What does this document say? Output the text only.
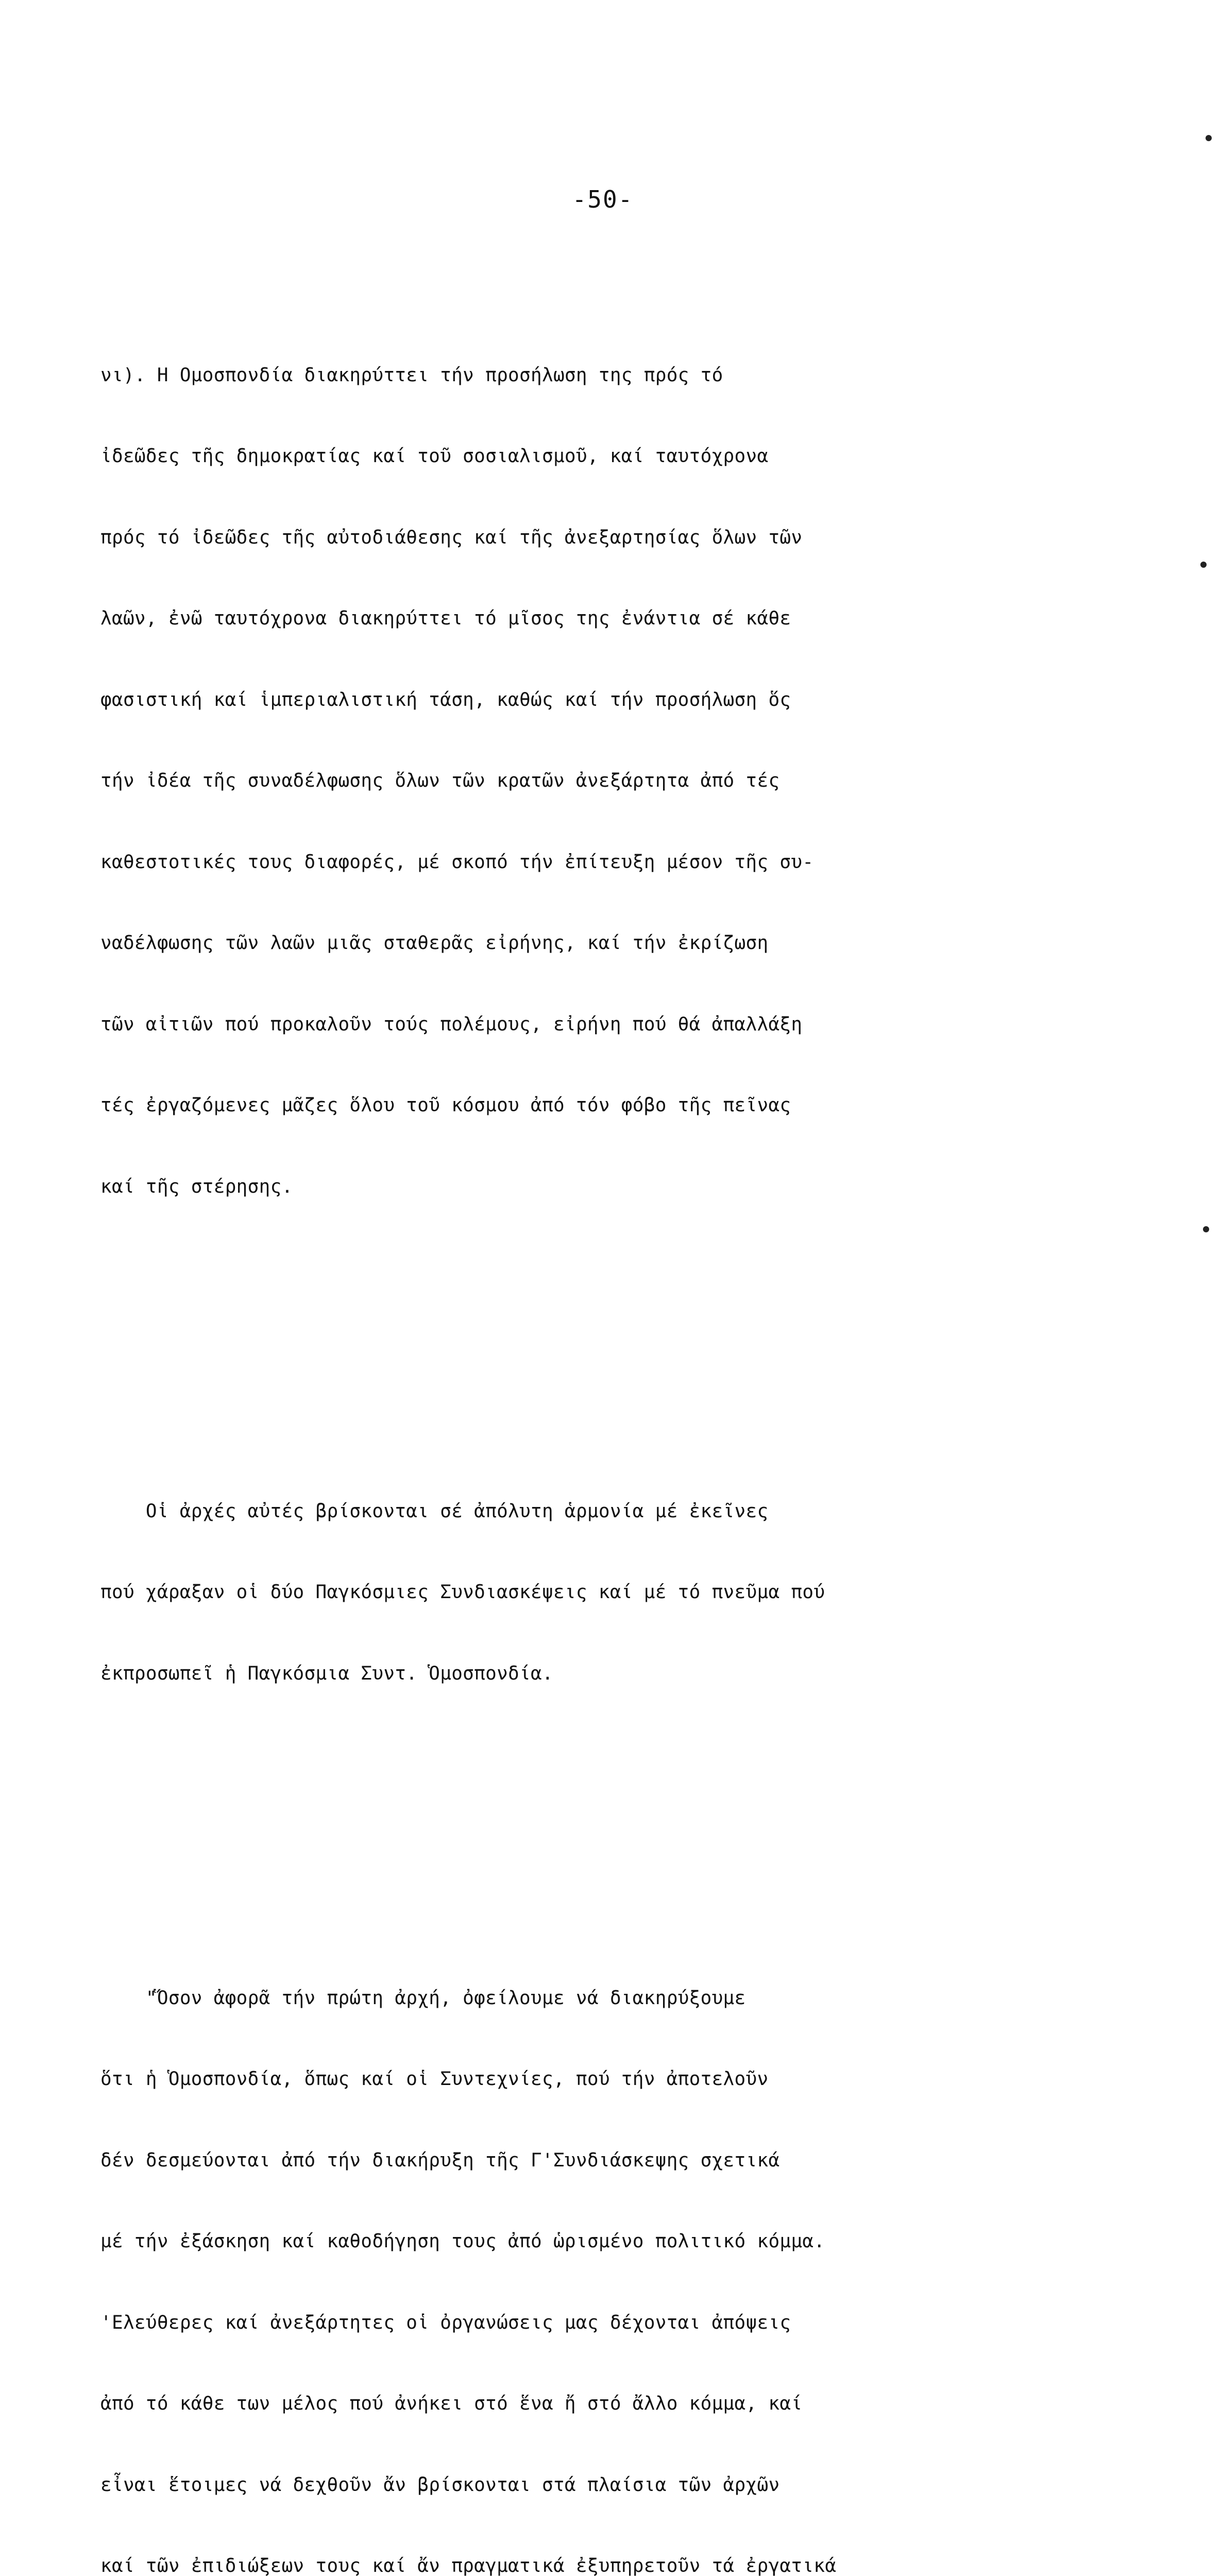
-50-

νι). Η Ομοσπονδία διακηρύττει τήν προσήλωση της πρός τό

ἰδεῶδες τῆς δημοκρατίας καί τοῦ σοσιαλισμοῦ, καί ταυτόχρονα

πρός τό ἰδεῶδες τῆς αὐτοδιάθεσης καί τῆς ἀνεξαρτησίας ὅλων τῶν

λαῶν, ἐνῶ ταυτόχρονα διακηρύττει τό μῖσος της ἐνάντια σέ κάθε

φασιστική καί ἱμπεριαλιστική τάση, καθώς καί τήν προσήλωση ὅς

τήν ἰδέα τῆς συναδέλφωσης ὅλων τῶν κρατῶν ἀνεξάρτητα ἀπό τές

καθεστοτικές τους διαφορές, μέ σκοπό τήν ἐπίτευξη μέσον τῆς συ-

ναδέλφωσης τῶν λαῶν μιᾶς σταθερᾶς εἰρήνης, καί τήν ἐκρίζωση

τῶν αἰτιῶν πού προκαλοῦν τούς πολέμους, εἰρήνη πού θά ἀπαλλάξη

τές ἐργαζόμενες μᾶζες ὅλου τοῦ κόσμου ἀπό τόν φόβο τῆς πεῖνας

καί τῆς στέρησης.

Οἱ ἀρχές αὐτές βρίσκονται σέ ἀπόλυτη ἁρμονία μέ ἐκεῖνες

πού χάραξαν οἱ δύο Παγκόσμιες Συνδιασκέψεις καί μέ τό πνεῦμα πού

ἐκπροσωπεῖ ἡ Παγκόσμια Συντ. Ὁμοσπονδία.

"Ὅσον ἀφορᾶ τήν πρώτη ἀρχή, ὀφείλουμε νά διακηρύξουμε

ὅτι ἡ Ὁμοσπονδία, ὅπως καί οἱ Συντεχνίες, πού τήν ἀποτελοῦν

δέν δεσμεύονται ἀπό τήν διακήρυξη τῆς Γ'Συνδιάσκεψης σχετικά

μέ τήν ἐξάσκηση καί καθοδήγηση τους ἀπό ὡρισμένο πολιτικό κόμμα.

'Ελεύθερες καί ἀνεξάρτητες οἱ ὀργανώσεις μας δέχονται ἀπόψεις

ἀπό τό κάθε των μέλος πού ἀνήκει στό ἕνα ἤ στό ἄλλο κόμμα, καί

εἶναι ἕτοιμες νά δεχθοῦν ἄν βρίσκονται στά πλαίσια τῶν ἀρχῶν

καί τῶν ἐπιδιώξεων τους καί ἄν πραγματικά ἐξυπηρετοῦν τά ἐργατικά
